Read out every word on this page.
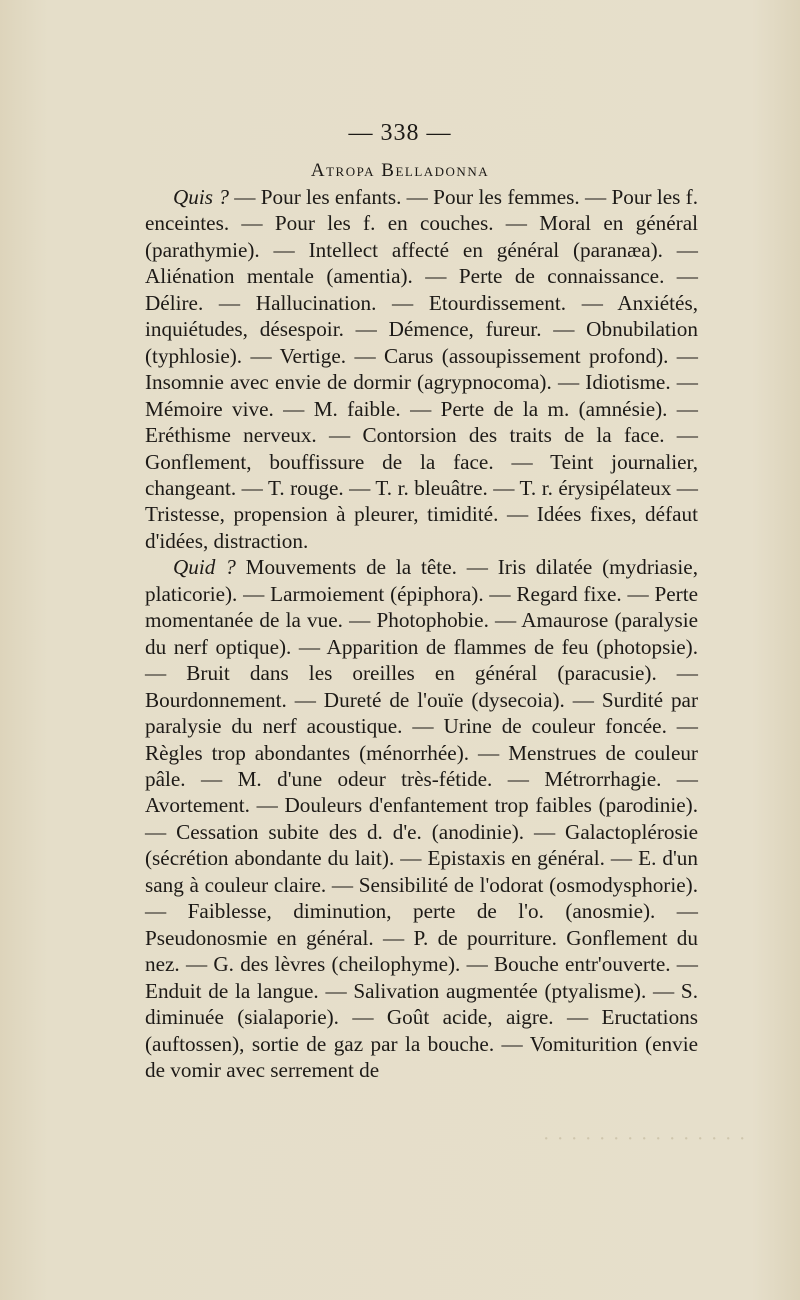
— 338 —
Atropa Belladonna

Quis ? — Pour les enfants. — Pour les femmes. — Pour les f. enceintes. — Pour les f. en couches. — Moral en général (parathymie). — Intellect affecté en général (paranæa). — Aliénation mentale (amentia). — Perte de connaissance. — Délire. — Hallucination. — Etourdissement. — Anxiétés, inquiétudes, désespoir. — Démence, fureur. — Obnubilation (typhlosie). — Vertige. — Carus (assoupissement profond). — Insomnie avec envie de dormir (agrypnocoma). — Idiotisme. — Mémoire vive. — M. faible. — Perte de la m. (amnésie). — Eréthisme nerveux. — Contorsion des traits de la face. — Gonflement, bouffissure de la face. — Teint journalier, changeant. — T. rouge. — T. r. bleuâtre. — T. r. érysipélateux — Tristesse, propension à pleurer, timidité. — Idées fixes, défaut d'idées, distraction.

Quid ? Mouvements de la tête. — Iris dilatée (mydriasie, platicorie). — Larmoiement (épiphora). — Regard fixe. — Perte momentanée de la vue. — Photophobie. — Amaurose (paralysie du nerf optique). — Apparition de flammes de feu (photopsie). — Bruit dans les oreilles en général (paracusie). — Bourdonnement. — Dureté de l'ouïe (dysecoia). — Surdité par paralysie du nerf acoustique. — Urine de couleur foncée. — Règles trop abondantes (ménorrhée). — Menstrues de couleur pâle. — M. d'une odeur très-fétide. — Métrorrhagie. — Avortement. — Douleurs d'enfantement trop faibles (parodinie). — Cessation subite des d. d'e. (anodinie). — Galactoplérosie (sécrétion abondante du lait). — Epistaxis en général. — E. d'un sang à couleur claire. — Sensibilité de l'odorat (osmodysphorie). — Faiblesse, diminution, perte de l'o. (anosmie). — Pseudonosmie en général. — P. de pourriture. Gonflement du nez. — G. des lèvres (cheilophyme). — Bouche entr'ouverte. — Enduit de la langue. — Salivation augmentée (ptyalisme). — S. diminuée (sialaporie). — Goût acide, aigre. — Eructations (auftossen), sortie de gaz par la bouche. — Vomiturition (envie de vomir avec serrement de

· · · · · · · · · · · · · · ·
